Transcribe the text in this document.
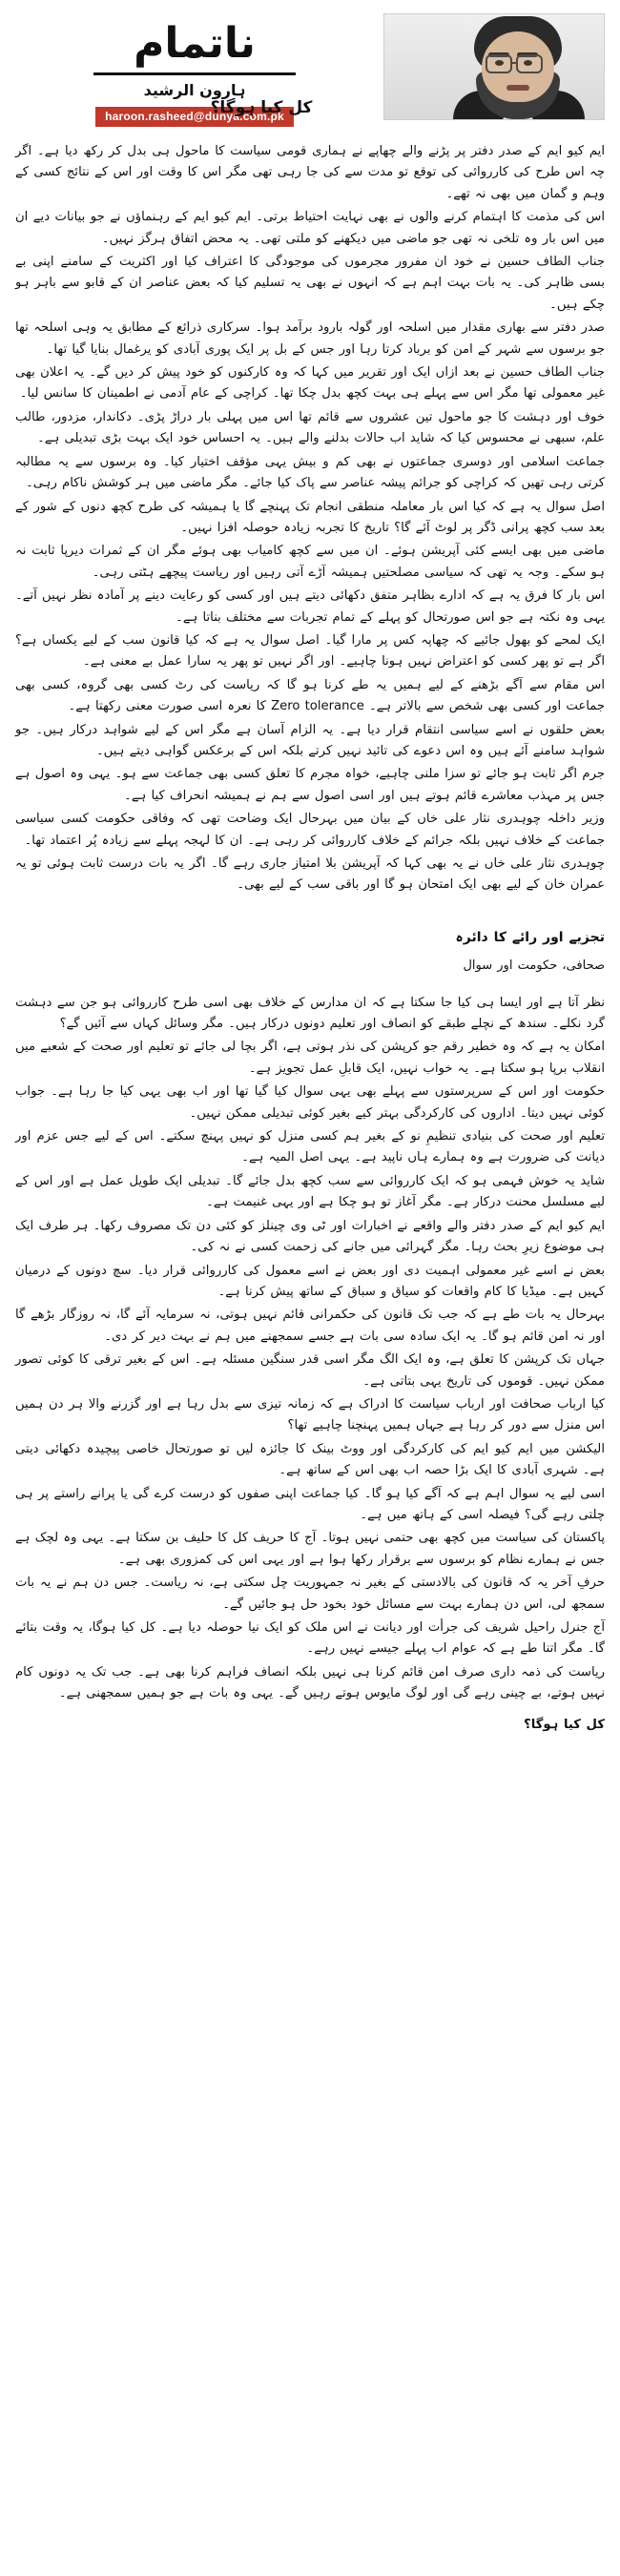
ناتمام
ہارون الرشید
haroon.rasheed@dunya.com.pk
کل کیا ہوگا؟

ایم کیو ایم کے صدر دفتر پر پڑنے والے چھاپے نے ہماری قومی سیاست کا ماحول ہی بدل کر رکھ دیا ہے۔ اگر چہ اس طرح کی کارروائی کی توقع تو مدت سے کی جا رہی تھی مگر اس کا وقت اور اس کے نتائج کسی کے وہم و گمان میں بھی نہ تھے۔

اس کی مذمت کا اہتمام کرنے والوں نے بھی نہایت احتیاط برتی۔ ایم کیو ایم کے رہنماؤں نے جو بیانات دیے ان میں اس بار وہ تلخی نہ تھی جو ماضی میں دیکھنے کو ملتی تھی۔ یہ محض اتفاق ہرگز نہیں۔

جناب الطاف حسین نے خود ان مفرور مجرموں کی موجودگی کا اعتراف کیا اور اکثریت کے سامنے اپنی بے بسی ظاہر کی۔ یہ بات بہت اہم ہے کہ انہوں نے بھی یہ تسلیم کیا کہ بعض عناصر ان کے قابو سے باہر ہو چکے ہیں۔

صدر دفتر سے بھاری مقدار میں اسلحہ اور گولہ بارود برآمد ہوا۔ سرکاری ذرائع کے مطابق یہ وہی اسلحہ تھا جو برسوں سے شہر کے امن کو برباد کرتا رہا اور جس کے بل پر ایک پوری آبادی کو یرغمال بنایا گیا تھا۔

جناب الطاف حسین نے بعد ازاں ایک اور تقریر میں کہا کہ وہ کارکنوں کو خود پیش کر دیں گے۔ یہ اعلان بھی غیر معمولی تھا مگر اس سے پہلے ہی بہت کچھ بدل چکا تھا۔ کراچی کے عام آدمی نے اطمینان کا سانس لیا۔

خوف اور دہشت کا جو ماحول تین عشروں سے قائم تھا اس میں پہلی بار دراڑ پڑی۔ دکاندار، مزدور، طالب علم، سبھی نے محسوس کیا کہ شاید اب حالات بدلنے والے ہیں۔ یہ احساس خود ایک بہت بڑی تبدیلی ہے۔

جماعت اسلامی اور دوسری جماعتوں نے بھی کم و بیش یہی مؤقف اختیار کیا۔ وہ برسوں سے یہ مطالبہ کرتی رہی تھیں کہ کراچی کو جرائم پیشہ عناصر سے پاک کیا جائے۔ مگر ماضی میں ہر کوشش ناکام رہی۔

اصل سوال یہ ہے کہ کیا اس بار معاملہ منطقی انجام تک پہنچے گا یا ہمیشہ کی طرح کچھ دنوں کے شور کے بعد سب کچھ پرانی ڈگر پر لوٹ آئے گا؟ تاریخ کا تجربہ زیادہ حوصلہ افزا نہیں۔

ماضی میں بھی ایسے کئی آپریشن ہوئے۔ ان میں سے کچھ کامیاب بھی ہوئے مگر ان کے ثمرات دیرپا ثابت نہ ہو سکے۔ وجہ یہ تھی کہ سیاسی مصلحتیں ہمیشہ آڑے آتی رہیں اور ریاست پیچھے ہٹتی رہی۔

اس بار کا فرق یہ ہے کہ ادارے بظاہر متفق دکھائی دیتے ہیں اور کسی کو رعایت دینے پر آمادہ نظر نہیں آتے۔ یہی وہ نکتہ ہے جو اس صورتحال کو پہلے کے تمام تجربات سے مختلف بناتا ہے۔

ایک لمحے کو بھول جائیے کہ چھاپہ کس پر مارا گیا۔ اصل سوال یہ ہے کہ کیا قانون سب کے لیے یکساں ہے؟ اگر ہے تو پھر کسی کو اعتراض نہیں ہونا چاہیے۔ اور اگر نہیں تو پھر یہ سارا عمل بے معنی ہے۔

اس مقام سے آگے بڑھنے کے لیے ہمیں یہ طے کرنا ہو گا کہ ریاست کی رٹ کسی بھی گروہ، کسی بھی جماعت اور کسی بھی شخص سے بالاتر ہے۔ Zero tolerance کا نعرہ اسی صورت معنی رکھتا ہے۔

بعض حلقوں نے اسے سیاسی انتقام قرار دیا ہے۔ یہ الزام آسان ہے مگر اس کے لیے شواہد درکار ہیں۔ جو شواہد سامنے آئے ہیں وہ اس دعوے کی تائید نہیں کرتے بلکہ اس کے برعکس گواہی دیتے ہیں۔

جرم اگر ثابت ہو جائے تو سزا ملنی چاہیے، خواہ مجرم کا تعلق کسی بھی جماعت سے ہو۔ یہی وہ اصول ہے جس پر مہذب معاشرے قائم ہوتے ہیں اور اسی اصول سے ہم نے ہمیشہ انحراف کیا ہے۔

وزیر داخلہ چوہدری نثار علی خاں کے بیان میں بہرحال ایک وضاحت تھی کہ وفاقی حکومت کسی سیاسی جماعت کے خلاف نہیں بلکہ جرائم کے خلاف کارروائی کر رہی ہے۔ ان کا لہجہ پہلے سے زیادہ پُر اعتماد تھا۔

چوہدری نثار علی خاں نے یہ بھی کہا کہ آپریشن بلا امتیاز جاری رہے گا۔ اگر یہ بات درست ثابت ہوئی تو یہ عمران خان کے لیے بھی ایک امتحان ہو گا اور باقی سب کے لیے بھی۔

تجزیے اور رائے کا دائرہ

صحافی، حکومت اور سوال

نظر آتا ہے اور ایسا ہی کیا جا سکتا ہے کہ ان مدارس کے خلاف بھی اسی طرح کارروائی ہو جن سے دہشت گرد نکلے۔ سندھ کے نچلے طبقے کو انصاف اور تعلیم دونوں درکار ہیں۔ مگر وسائل کہاں سے آئیں گے؟

امکان یہ ہے کہ وہ خطیر رقم جو کرپشن کی نذر ہوتی ہے، اگر بچا لی جائے تو تعلیم اور صحت کے شعبے میں انقلاب برپا ہو سکتا ہے۔ یہ خواب نہیں، ایک قابلِ عمل تجویز ہے۔

حکومت اور اس کے سرپرستوں سے پہلے بھی یہی سوال کیا گیا تھا اور اب بھی یہی کیا جا رہا ہے۔ جواب کوئی نہیں دیتا۔ اداروں کی کارکردگی بہتر کیے بغیر کوئی تبدیلی ممکن نہیں۔

تعلیم اور صحت کی بنیادی تنظیمِ نو کے بغیر ہم کسی منزل کو نہیں پہنچ سکتے۔ اس کے لیے جس عزم اور دیانت کی ضرورت ہے وہ ہمارے ہاں ناپید ہے۔ یہی اصل المیہ ہے۔

شاید یہ خوش فہمی ہو کہ ایک کارروائی سے سب کچھ بدل جائے گا۔ تبدیلی ایک طویل عمل ہے اور اس کے لیے مسلسل محنت درکار ہے۔ مگر آغاز تو ہو چکا ہے اور یہی غنیمت ہے۔

ایم کیو ایم کے صدر دفتر والے واقعے نے اخبارات اور ٹی وی چینلز کو کئی دن تک مصروف رکھا۔ ہر طرف ایک ہی موضوع زیرِ بحث رہا۔ مگر گہرائی میں جانے کی زحمت کسی نے نہ کی۔

بعض نے اسے غیر معمولی اہمیت دی اور بعض نے اسے معمول کی کارروائی قرار دیا۔ سچ دونوں کے درمیان کہیں ہے۔ میڈیا کا کام واقعات کو سیاق و سباق کے ساتھ پیش کرنا ہے۔

بہرحال یہ بات طے ہے کہ جب تک قانون کی حکمرانی قائم نہیں ہوتی، نہ سرمایہ آئے گا، نہ روزگار بڑھے گا اور نہ امن قائم ہو گا۔ یہ ایک سادہ سی بات ہے جسے سمجھنے میں ہم نے بہت دیر کر دی۔

جہاں تک کرپشن کا تعلق ہے، وہ ایک الگ مگر اسی قدر سنگین مسئلہ ہے۔ اس کے بغیر ترقی کا کوئی تصور ممکن نہیں۔ قوموں کی تاریخ یہی بتاتی ہے۔

کیا ارباب صحافت اور ارباب سیاست کا ادراک ہے کہ زمانہ تیزی سے بدل رہا ہے اور گزرنے والا ہر دن ہمیں اس منزل سے دور کر رہا ہے جہاں ہمیں پہنچنا چاہیے تھا؟

الیکشن میں ایم کیو ایم کی کارکردگی اور ووٹ بینک کا جائزہ لیں تو صورتحال خاصی پیچیدہ دکھائی دیتی ہے۔ شہری آبادی کا ایک بڑا حصہ اب بھی اس کے ساتھ ہے۔

اسی لیے یہ سوال اہم ہے کہ آگے کیا ہو گا۔ کیا جماعت اپنی صفوں کو درست کرے گی یا پرانے راستے پر ہی چلتی رہے گی؟ فیصلہ اسی کے ہاتھ میں ہے۔

پاکستان کی سیاست میں کچھ بھی حتمی نہیں ہوتا۔ آج کا حریف کل کا حلیف بن سکتا ہے۔ یہی وہ لچک ہے جس نے ہمارے نظام کو برسوں سے برقرار رکھا ہوا ہے اور یہی اس کی کمزوری بھی ہے۔

حرفِ آخر یہ کہ قانون کی بالادستی کے بغیر نہ جمہوریت چل سکتی ہے، نہ ریاست۔ جس دن ہم نے یہ بات سمجھ لی، اس دن ہمارے بہت سے مسائل خود بخود حل ہو جائیں گے۔

آج جنرل راحیل شریف کی جرأت اور دیانت نے اس ملک کو ایک نیا حوصلہ دیا ہے۔ کل کیا ہوگا، یہ وقت بتائے گا۔ مگر اتنا طے ہے کہ عوام اب پہلے جیسے نہیں رہے۔

ریاست کی ذمہ داری صرف امن قائم کرنا ہی نہیں بلکہ انصاف فراہم کرنا بھی ہے۔ جب تک یہ دونوں کام نہیں ہوتے، بے چینی رہے گی اور لوگ مایوس ہوتے رہیں گے۔ یہی وہ بات ہے جو ہمیں سمجھنی ہے۔

کل کیا ہوگا؟
